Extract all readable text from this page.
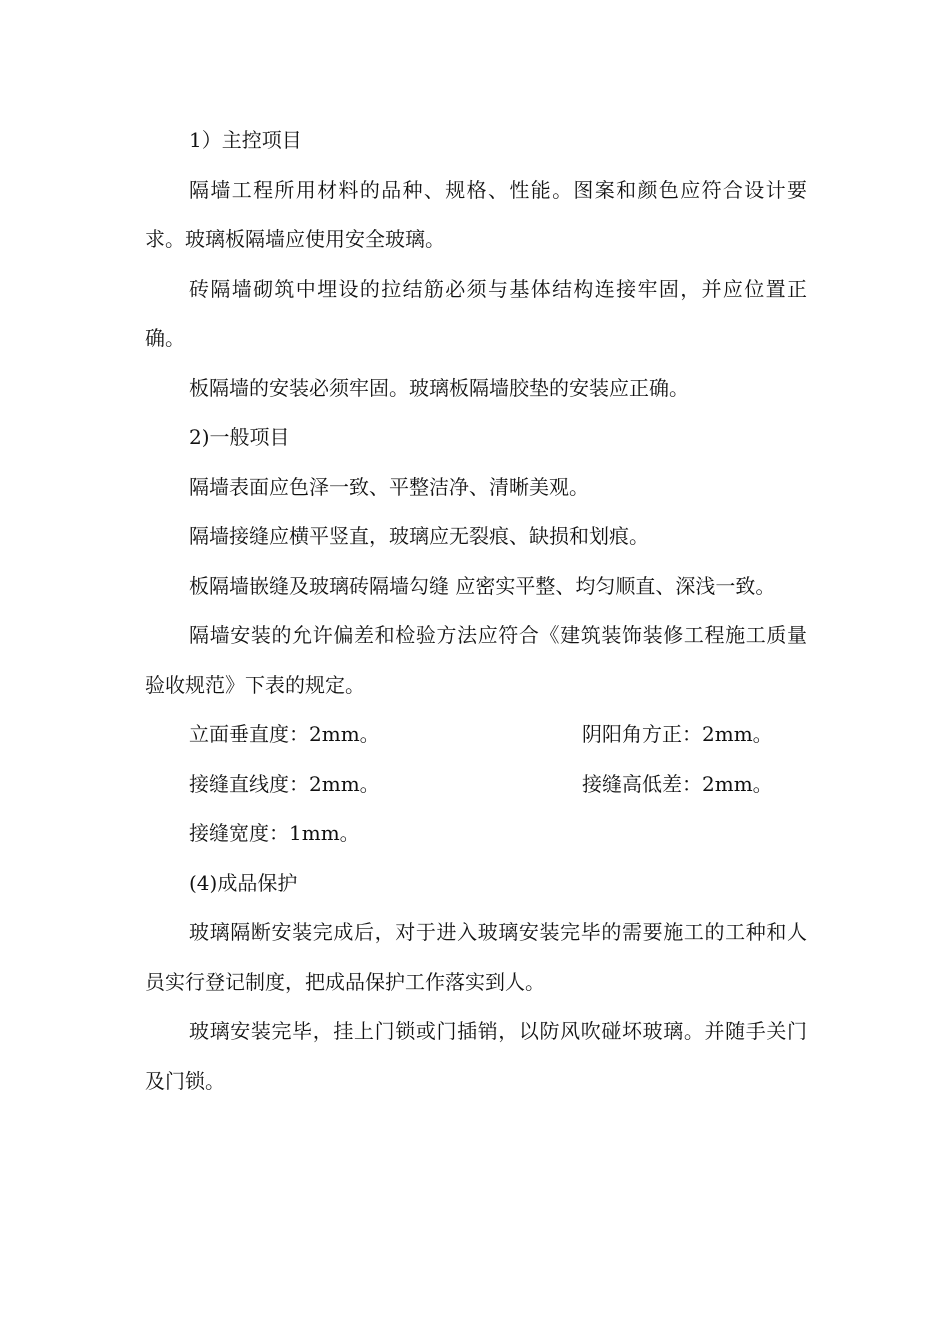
1）主控项目

隔墙工程所用材料的品种、规格、性能。图案和颜色应符合设计要求。玻璃板隔墙应使用安全玻璃。

砖隔墙砌筑中埋设的拉结筋必须与基体结构连接牢固，并应位置正确。

板隔墙的安装必须牢固。玻璃板隔墙胶垫的安装应正确。

2)一般项目

隔墙表面应色泽一致、平整洁净、清晰美观。

隔墙接缝应横平竖直，玻璃应无裂痕、缺损和划痕。

板隔墙嵌缝及玻璃砖隔墙勾缝 应密实平整、均匀顺直、深浅一致。

隔墙安装的允许偏差和检验方法应符合《建筑装饰装修工程施工质量验收规范》下表的规定。

立面垂直度：2mm。	阴阳角方正：2mm。
接缝直线度：2mm。	接缝高低差：2mm。
接缝宽度：1mm。

(4)成品保护

玻璃隔断安装完成后，对于进入玻璃安装完毕的需要施工的工种和人员实行登记制度，把成品保护工作落实到人。

玻璃安装完毕，挂上门锁或门插销，以防风吹碰坏玻璃。并随手关门及门锁。
